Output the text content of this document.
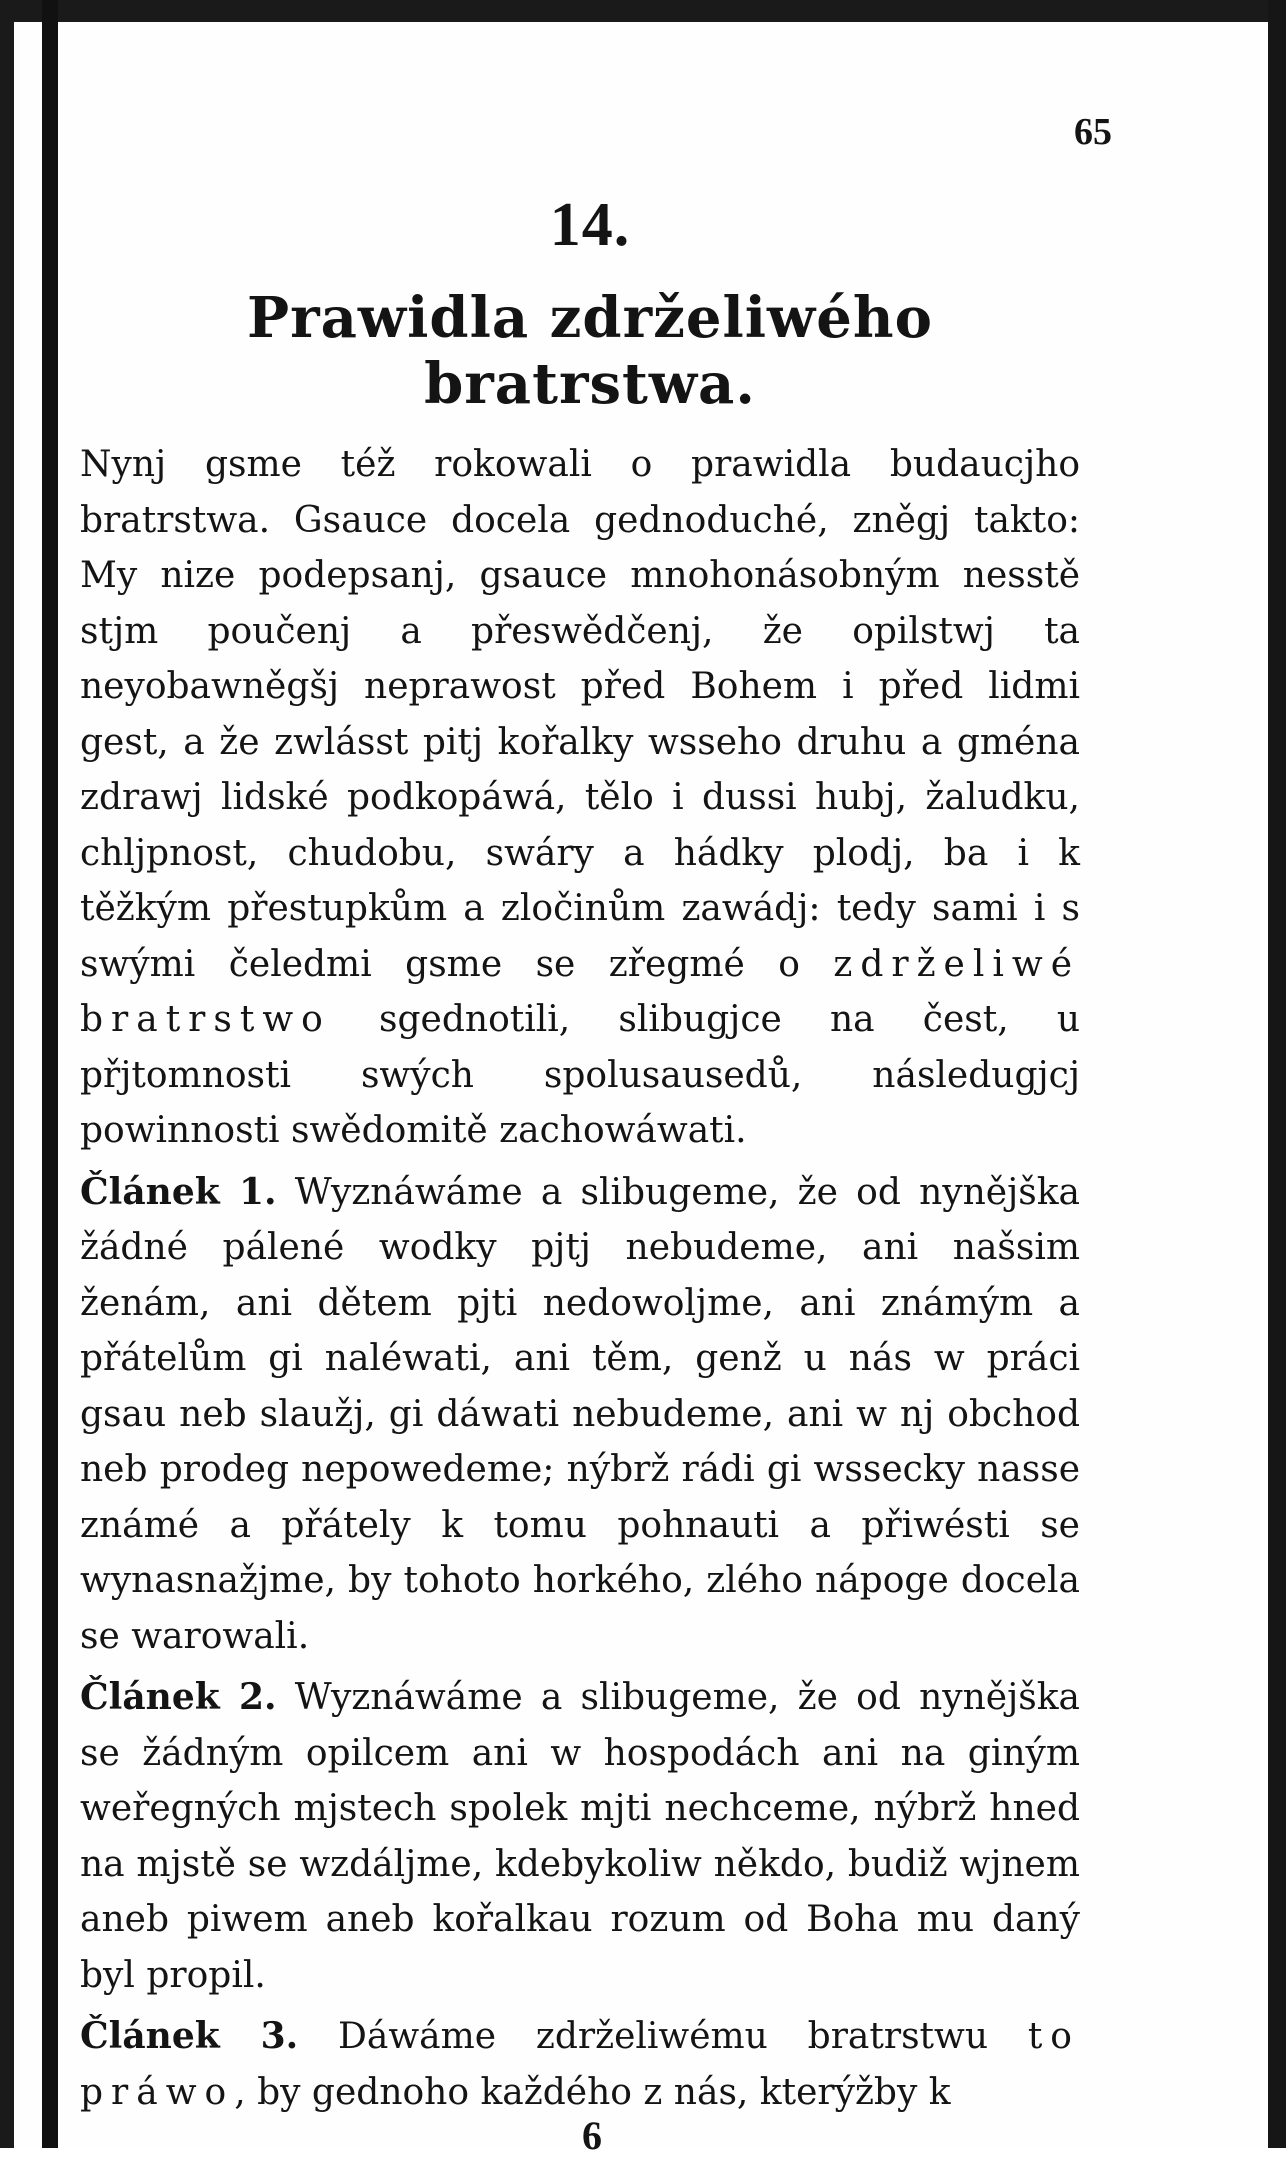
65
14.
Prawidla zdrželiwého bratrstwa.

Nynj gsme též rokowali o prawidla budaucjho bratrstwa. Gsauce docela gednoduché, zněgj takto: My nize podepsanj, gsauce mnohonásobným nesstě stjm poučenj a přeswědčenj, že opilstwj ta neyobawněgšj neprawost před Bohem i před lidmi gest, a že zwlásst pitj kořalky wsseho druhu a gména zdrawj lidské podkopáwá, tělo i dussi hubj, žaludku, chljpnost, chudobu, swáry a hádky plodj, ba i k těžkým přestupkům a zločinům zawádj: tedy sami i s swými čeledmi gsme se zřegmé o zdrželiwé bratrstwo sgednotili, slibugjce na čest, u přjtomnosti swých spolusausedů, následugjcj powinnosti swědomitě zachowáwati.

Článek 1. Wyznáwáme a slibugeme, že od nynějška žádné pálené wodky pjtj nebudeme, ani našsim ženám, ani dětem pjti nedowoljme, ani známým a přátelům gi naléwati, ani těm, genž u nás w práci gsau neb slaužj, gi dáwati nebudeme, ani w nj obchod neb prodeg nepowedeme; nýbrž rádi gi wssecky nasse známé a přátely k tomu pohnauti a přiwésti se wynasnažjme, by tohoto horkého, zlého nápoge docela se warowali.

Článek 2. Wyznáwáme a slibugeme, že od nynějška se žádným opilcem ani w hospodách ani na giným weřegných mjstech spolek mjti nechceme, nýbrž hned na mjstě se wzdáljme, kdebykoliw někdo, budiž wjnem aneb piwem aneb kořalkau rozum od Boha mu daný byl propil.

Článek 3. Dáwáme zdrželiwému bratrstwu to práwo, by gednoho každého z nás, kterýžby k

6
